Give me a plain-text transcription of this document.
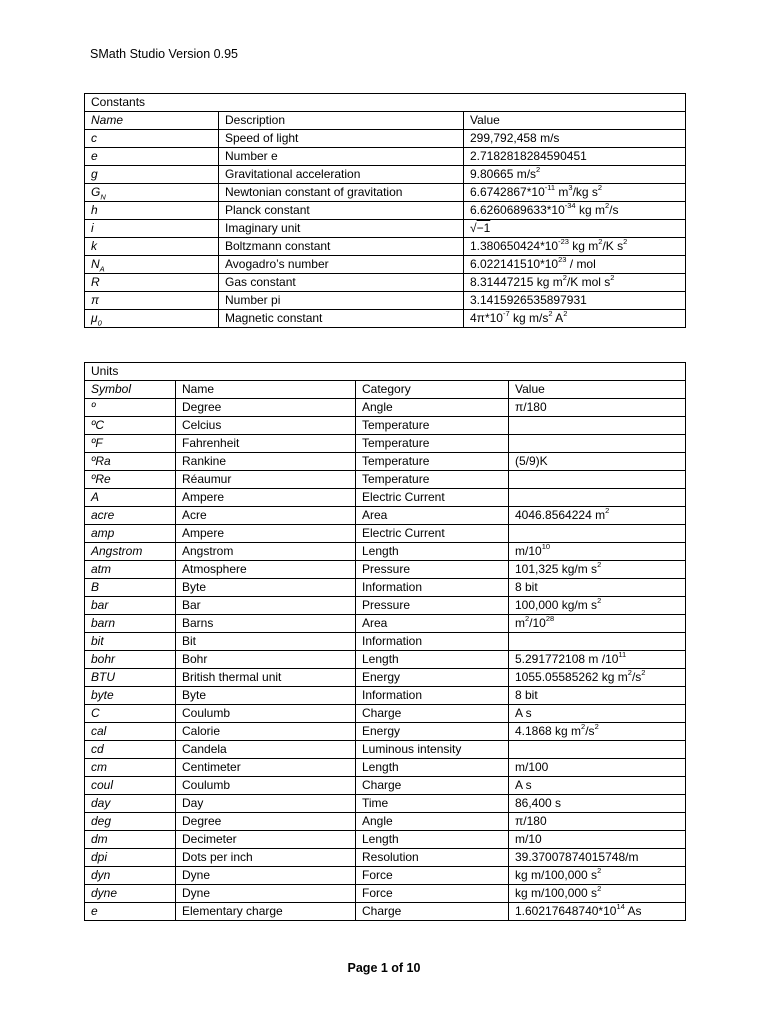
SMath Studio Version 0.95
Constants		
Name	Description	Value
c	Speed of light	299,792,458 m/s
e	Number e	2.7182818284590451
g	Gravitational acceleration	9.80665 $m/s^2$
$G_N$	Newtonian constant of gravitation	$6.6742867*10^{-11}$ $m^3/kg$ $s^2$
h	Planck constant	$6.6260689633*10^{-34}$ kg $m^2/s$
i	Imaginary unit	√−1
k	Boltzmann constant	$1.380650424*10^{-23}$ kg $m^2/K$ $s^2$
$N_A$	Avogadro’s number	$6.022141510*10^{23}$ / mol
R	Gas constant	8.31447215 kg $m^2/K$ mol $s^2$
π	Number pi	3.1415926535897931
$\mu_0$	Magnetic constant	$4\pi*10^{-7}$ kg $m/s^2$ $A^2$
Units			
Symbol	Name	Category	Value
º	Degree	Angle	π/180
ºC	Celcius	Temperature	
ºF	Fahrenheit	Temperature	
ºRa	Rankine	Temperature	(5/9)K
ºRe	Réaumur	Temperature	
A	Ampere	Electric Current	
acre	Acre	Area	4046.8564224 $m^2$
amp	Ampere	Electric Current	
Angstrom	Angstrom	Length	$m/10^{10}$
atm	Atmosphere	Pressure	101,325 kg/m $s^2$
B	Byte	Information	8 bit
bar	Bar	Pressure	100,000 kg/m $s^2$
barn	Barns	Area	$m^2/10^{28}$
bit	Bit	Information	
bohr	Bohr	Length	5.291772108 m $/10^{11}$
BTU	British thermal unit	Energy	1055.05585262 kg $m^2/s^2$
byte	Byte	Information	8 bit
C	Coulumb	Charge	A s
cal	Calorie	Energy	4.1868 kg $m^2/s^2$
cd	Candela	Luminous intensity	
cm	Centimeter	Length	m/100
coul	Coulumb	Charge	A s
day	Day	Time	86,400 s
deg	Degree	Angle	π/180
dm	Decimeter	Length	m/10
dpi	Dots per inch	Resolution	39.37007874015748/m
dyn	Dyne	Force	kg m/100,000 $s^2$
dyne	Dyne	Force	kg m/100,000 $s^2$
e	Elementary charge	Charge	$1.60217648740*10^{14}$ As
Page 1 of 10
